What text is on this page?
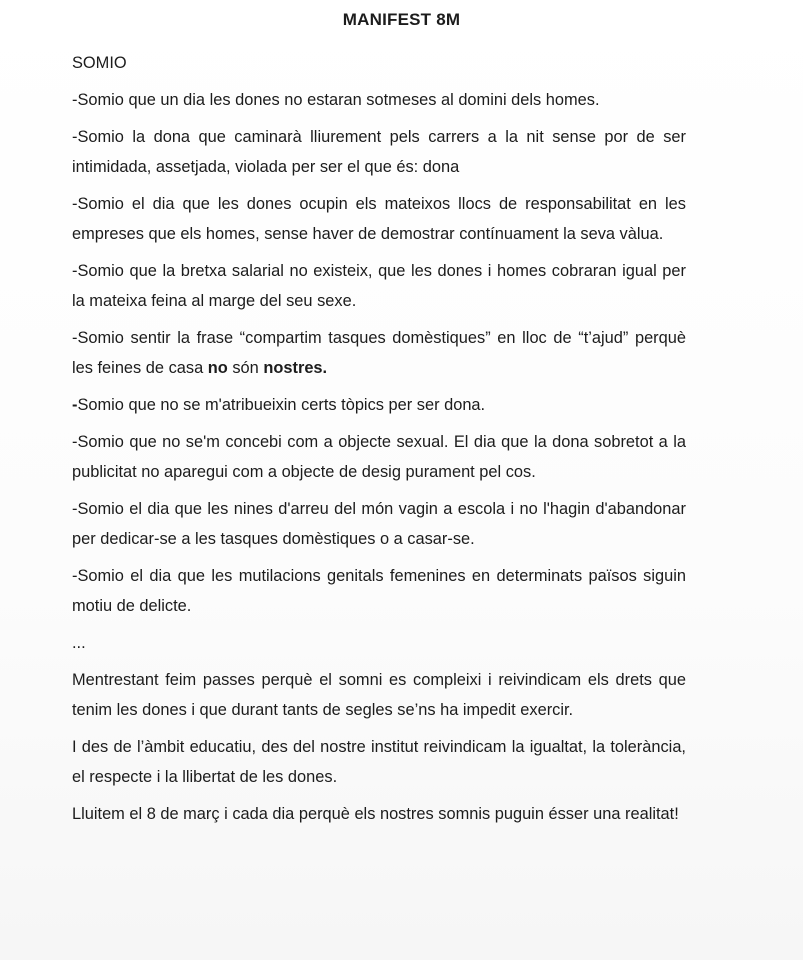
MANIFEST 8M

SOMIO

-Somio que un dia les dones no estaran sotmeses al domini dels homes.

-Somio la dona que caminarà lliurement pels carrers a la nit sense por de ser intimidada, assetjada, violada per ser el que és: dona

-Somio el dia que les dones ocupin els mateixos llocs de responsabilitat en les empreses que els homes, sense haver de demostrar contínuament la seva vàlua.

-Somio que la bretxa salarial no existeix, que les dones i homes cobraran igual per la mateixa feina al marge del seu sexe.

-Somio sentir la frase “compartim tasques domèstiques” en lloc de “t’ajud” perquè les feines de casa no són nostres.

-Somio que no se m'atribueixin certs tòpics per ser dona.

-Somio que no se'm concebi com a objecte sexual. El dia que la dona sobretot a la publicitat no aparegui com a objecte de desig purament pel cos.

-Somio el dia que les nines d'arreu del món vagin a escola i no l'hagin d'abandonar per dedicar-se a les tasques domèstiques o a casar-se.

-Somio el dia que les mutilacions genitals femenines en determinats països siguin motiu de delicte.

...

Mentrestant feim passes perquè el somni es compleixi i reivindicam els drets que tenim les dones i que durant tants de segles se’ns ha impedit exercir.

I des de l’àmbit educatiu, des del nostre institut reivindicam la igualtat, la tolerància, el respecte i la llibertat de les dones.

Lluitem el 8 de març i cada dia perquè els nostres somnis puguin ésser una realitat!
